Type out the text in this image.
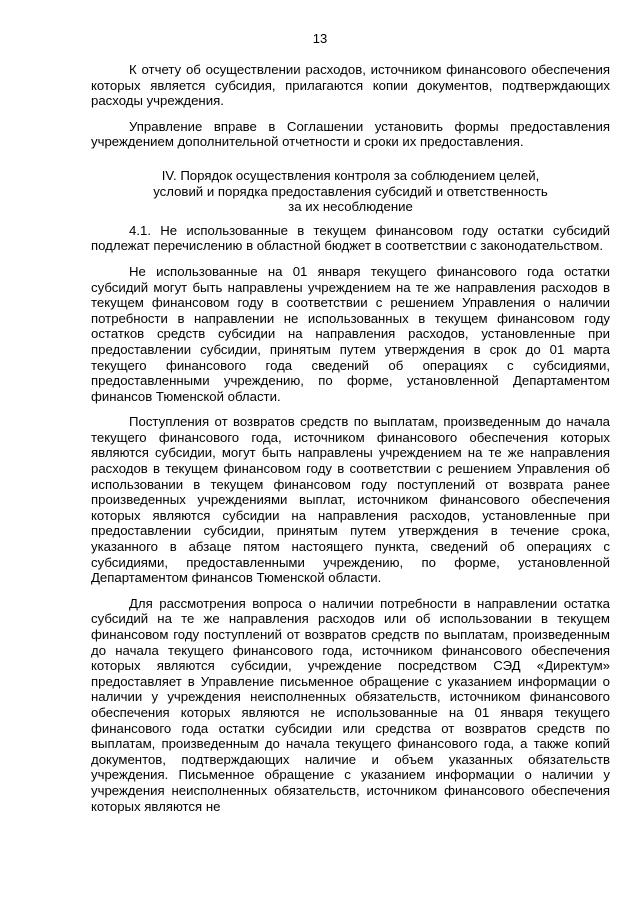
13

К отчету об осуществлении расходов, источником финансового обеспечения которых является субсидия, прилагаются копии документов, подтверждающих расходы учреждения.

Управление вправе в Соглашении установить формы предоставления учреждением дополнительной отчетности и сроки их предоставления.

IV. Порядок осуществления контроля за соблюдением целей,
условий и порядка предоставления субсидий и ответственность
за их несоблюдение

4.1. Не использованные в текущем финансовом году остатки субсидий подлежат перечислению в областной бюджет в соответствии с законодательством.

Не использованные на 01 января текущего финансового года остатки субсидий могут быть направлены учреждением на те же направления расходов в текущем финансовом году в соответствии с решением Управления о наличии потребности в направлении не использованных в текущем финансовом году остатков средств субсидии на направления расходов, установленные при предоставлении субсидии, принятым путем утверждения в срок до 01 марта текущего финансового года сведений об операциях с субсидиями, предоставленными учреждению, по форме, установленной Департаментом финансов Тюменской области.

Поступления от возвратов средств по выплатам, произведенным до начала текущего финансового года, источником финансового обеспечения которых являются субсидии, могут быть направлены учреждением на те же направления расходов в текущем финансовом году в соответствии с решением Управления об использовании в текущем финансовом году поступлений от возврата ранее произведенных учреждениями выплат, источником финансового обеспечения которых являются субсидии на направления расходов, установленные при предоставлении субсидии, принятым путем утверждения в течение срока, указанного в абзаце пятом настоящего пункта, сведений об операциях с субсидиями, предоставленными учреждению, по форме, установленной Департаментом финансов Тюменской области.

Для рассмотрения вопроса о наличии потребности в направлении остатка субсидий на те же направления расходов или об использовании в текущем финансовом году поступлений от возвратов средств по выплатам, произведенным до начала текущего финансового года, источником финансового обеспечения которых являются субсидии, учреждение посредством СЭД «Директум» предоставляет в Управление письменное обращение с указанием информации о наличии у учреждения неисполненных обязательств, источником финансового обеспечения которых являются не использованные на 01 января текущего финансового года остатки субсидии или средства от возвратов средств по выплатам, произведенным до начала текущего финансового года, а также копий документов, подтверждающих наличие и объем указанных обязательств учреждения. Письменное обращение с указанием информации о наличии у учреждения неисполненных обязательств, источником финансового обеспечения которых являются не
